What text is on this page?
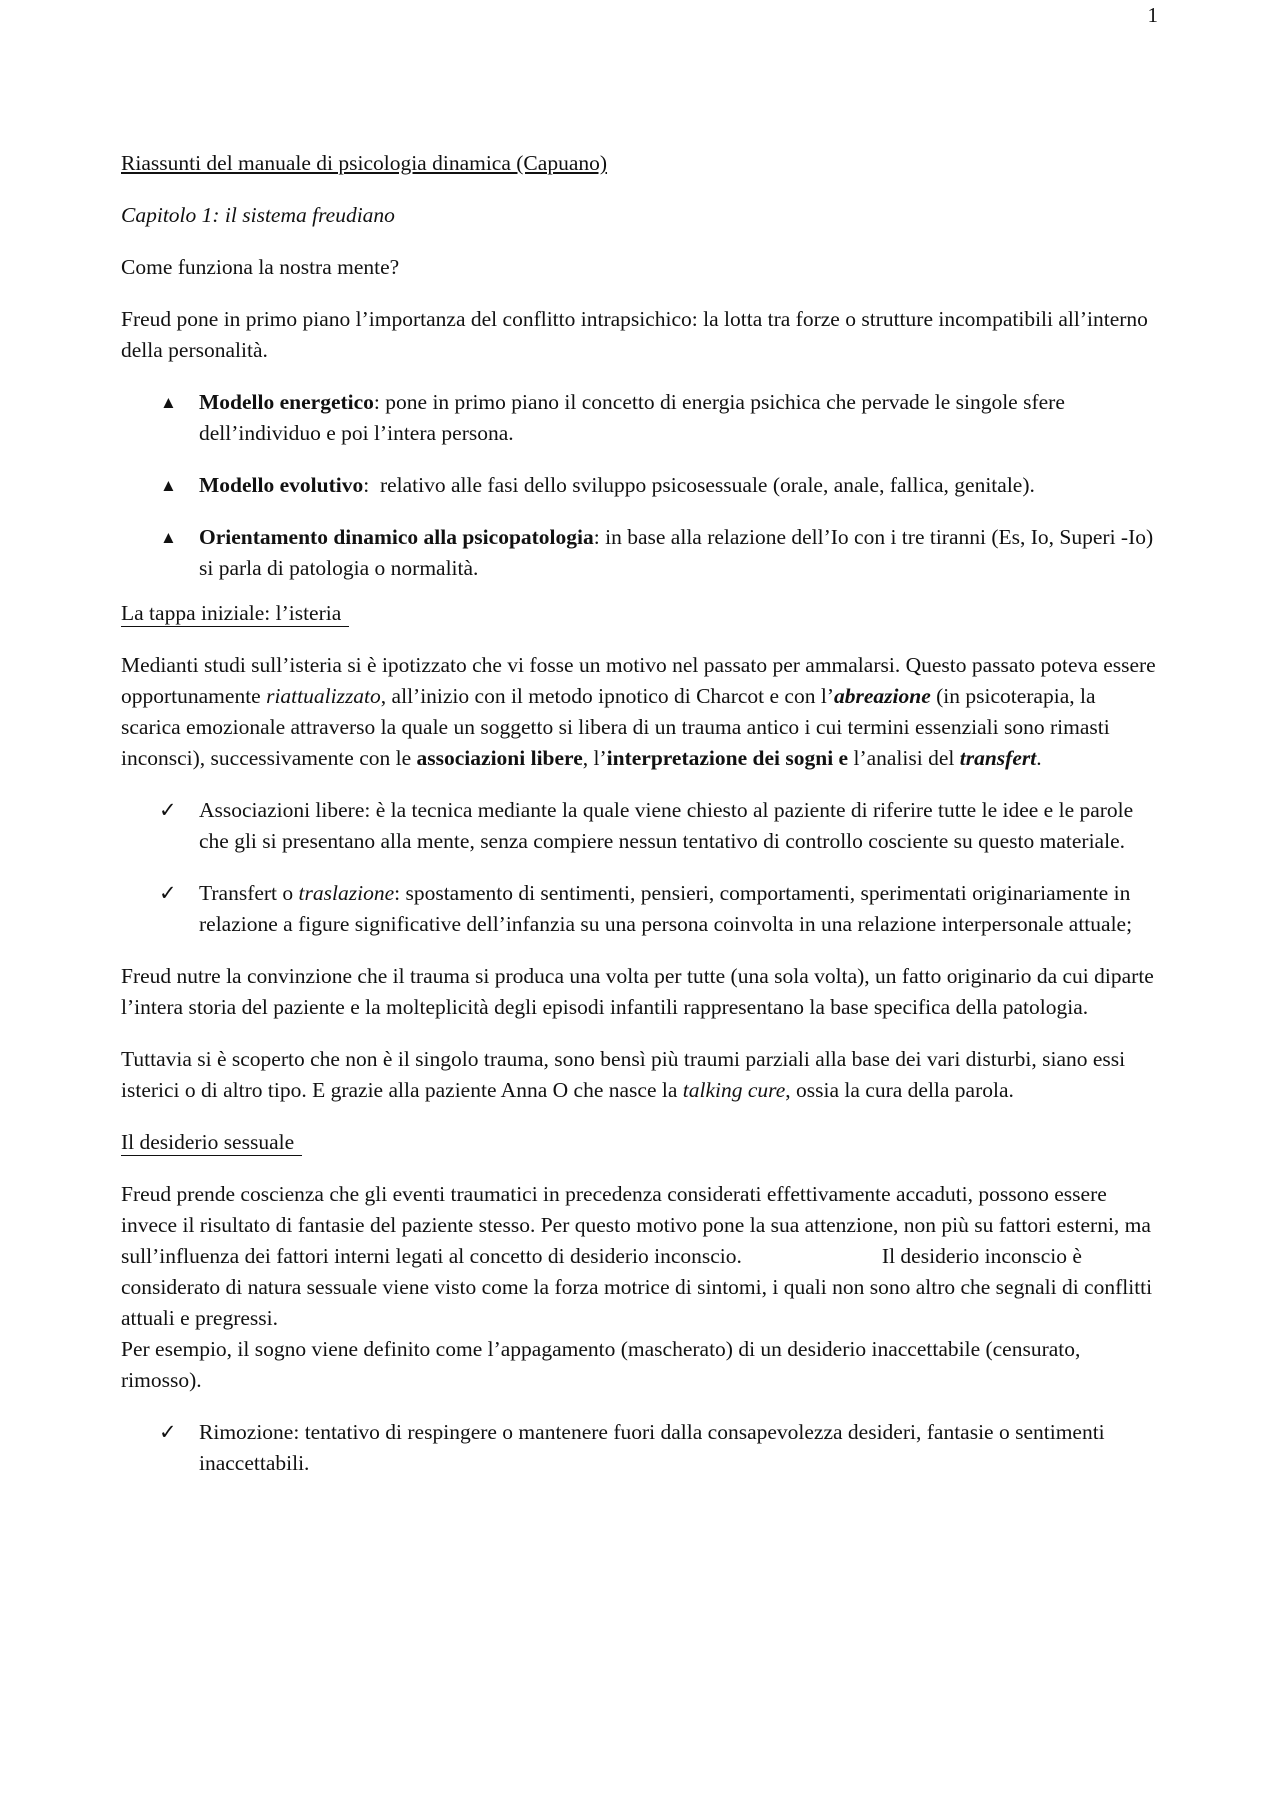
1

Riassunti del manuale di psicologia dinamica (Capuano)

Capitolo 1: il sistema freudiano

Come funziona la nostra mente?

Freud pone in primo piano l’importanza del conflitto intrapsichico: la lotta tra forze o strutture incompatibili all’interno della personalità.

▲ Modello energetico: pone in primo piano il concetto di energia psichica che pervade le singole sfere dell’individuo e poi l’intera persona.
▲ Modello evolutivo:  relativo alle fasi dello sviluppo psicosessuale (orale, anale, fallica, genitale).
▲ Orientamento dinamico alla psicopatologia: in base alla relazione dell’Io con i tre tiranni (Es, Io, Superi -Io) si parla di patologia o normalità.

La tappa iniziale: l’isteria

Medianti studi sull’isteria si è ipotizzato che vi fosse un motivo nel passato per ammalarsi. Questo passato poteva essere opportunamente riattualizzato, all’inizio con il metodo ipnotico di Charcot e con l’abreazione (in psicoterapia, la scarica emozionale attraverso la quale un soggetto si libera di un trauma antico i cui termini essenziali sono rimasti inconsci), successivamente con le associazioni libere, l’interpretazione dei sogni e l’analisi del transfert.

✓ Associazioni libere: è la tecnica mediante la quale viene chiesto al paziente di riferire tutte le idee e le parole che gli si presentano alla mente, senza compiere nessun tentativo di controllo cosciente su questo materiale.
✓ Transfert o traslazione: spostamento di sentimenti, pensieri, comportamenti, sperimentati originariamente in relazione a figure significative dell’infanzia su una persona coinvolta in una relazione interpersonale attuale;

Freud nutre la convinzione che il trauma si produca una volta per tutte (una sola volta), un fatto originario da cui diparte l’intera storia del paziente e la molteplicità degli episodi infantili rappresentano la base specifica della patologia.

Tuttavia si è scoperto che non è il singolo trauma, sono bensì più traumi parziali alla base dei vari disturbi, siano essi isterici o di altro tipo. E grazie alla paziente Anna O che nasce la talking cure, ossia la cura della parola.

Il desiderio sessuale

Freud prende coscienza che gli eventi traumatici in precedenza considerati effettivamente accaduti, possono essere invece il risultato di fantasie del paziente stesso. Per questo motivo pone la sua attenzione, non più su fattori esterni, ma sull’influenza dei fattori interni legati al concetto di desiderio inconscio.	Il desiderio inconscio è considerato di natura sessuale viene visto come la forza motrice di sintomi, i quali non sono altro che segnali di conflitti attuali e pregressi.
Per esempio, il sogno viene definito come l’appagamento (mascherato) di un desiderio inaccettabile (censurato, rimosso).

✓ Rimozione: tentativo di respingere o mantenere fuori dalla consapevolezza desideri, fantasie o sentimenti inaccettabili.
